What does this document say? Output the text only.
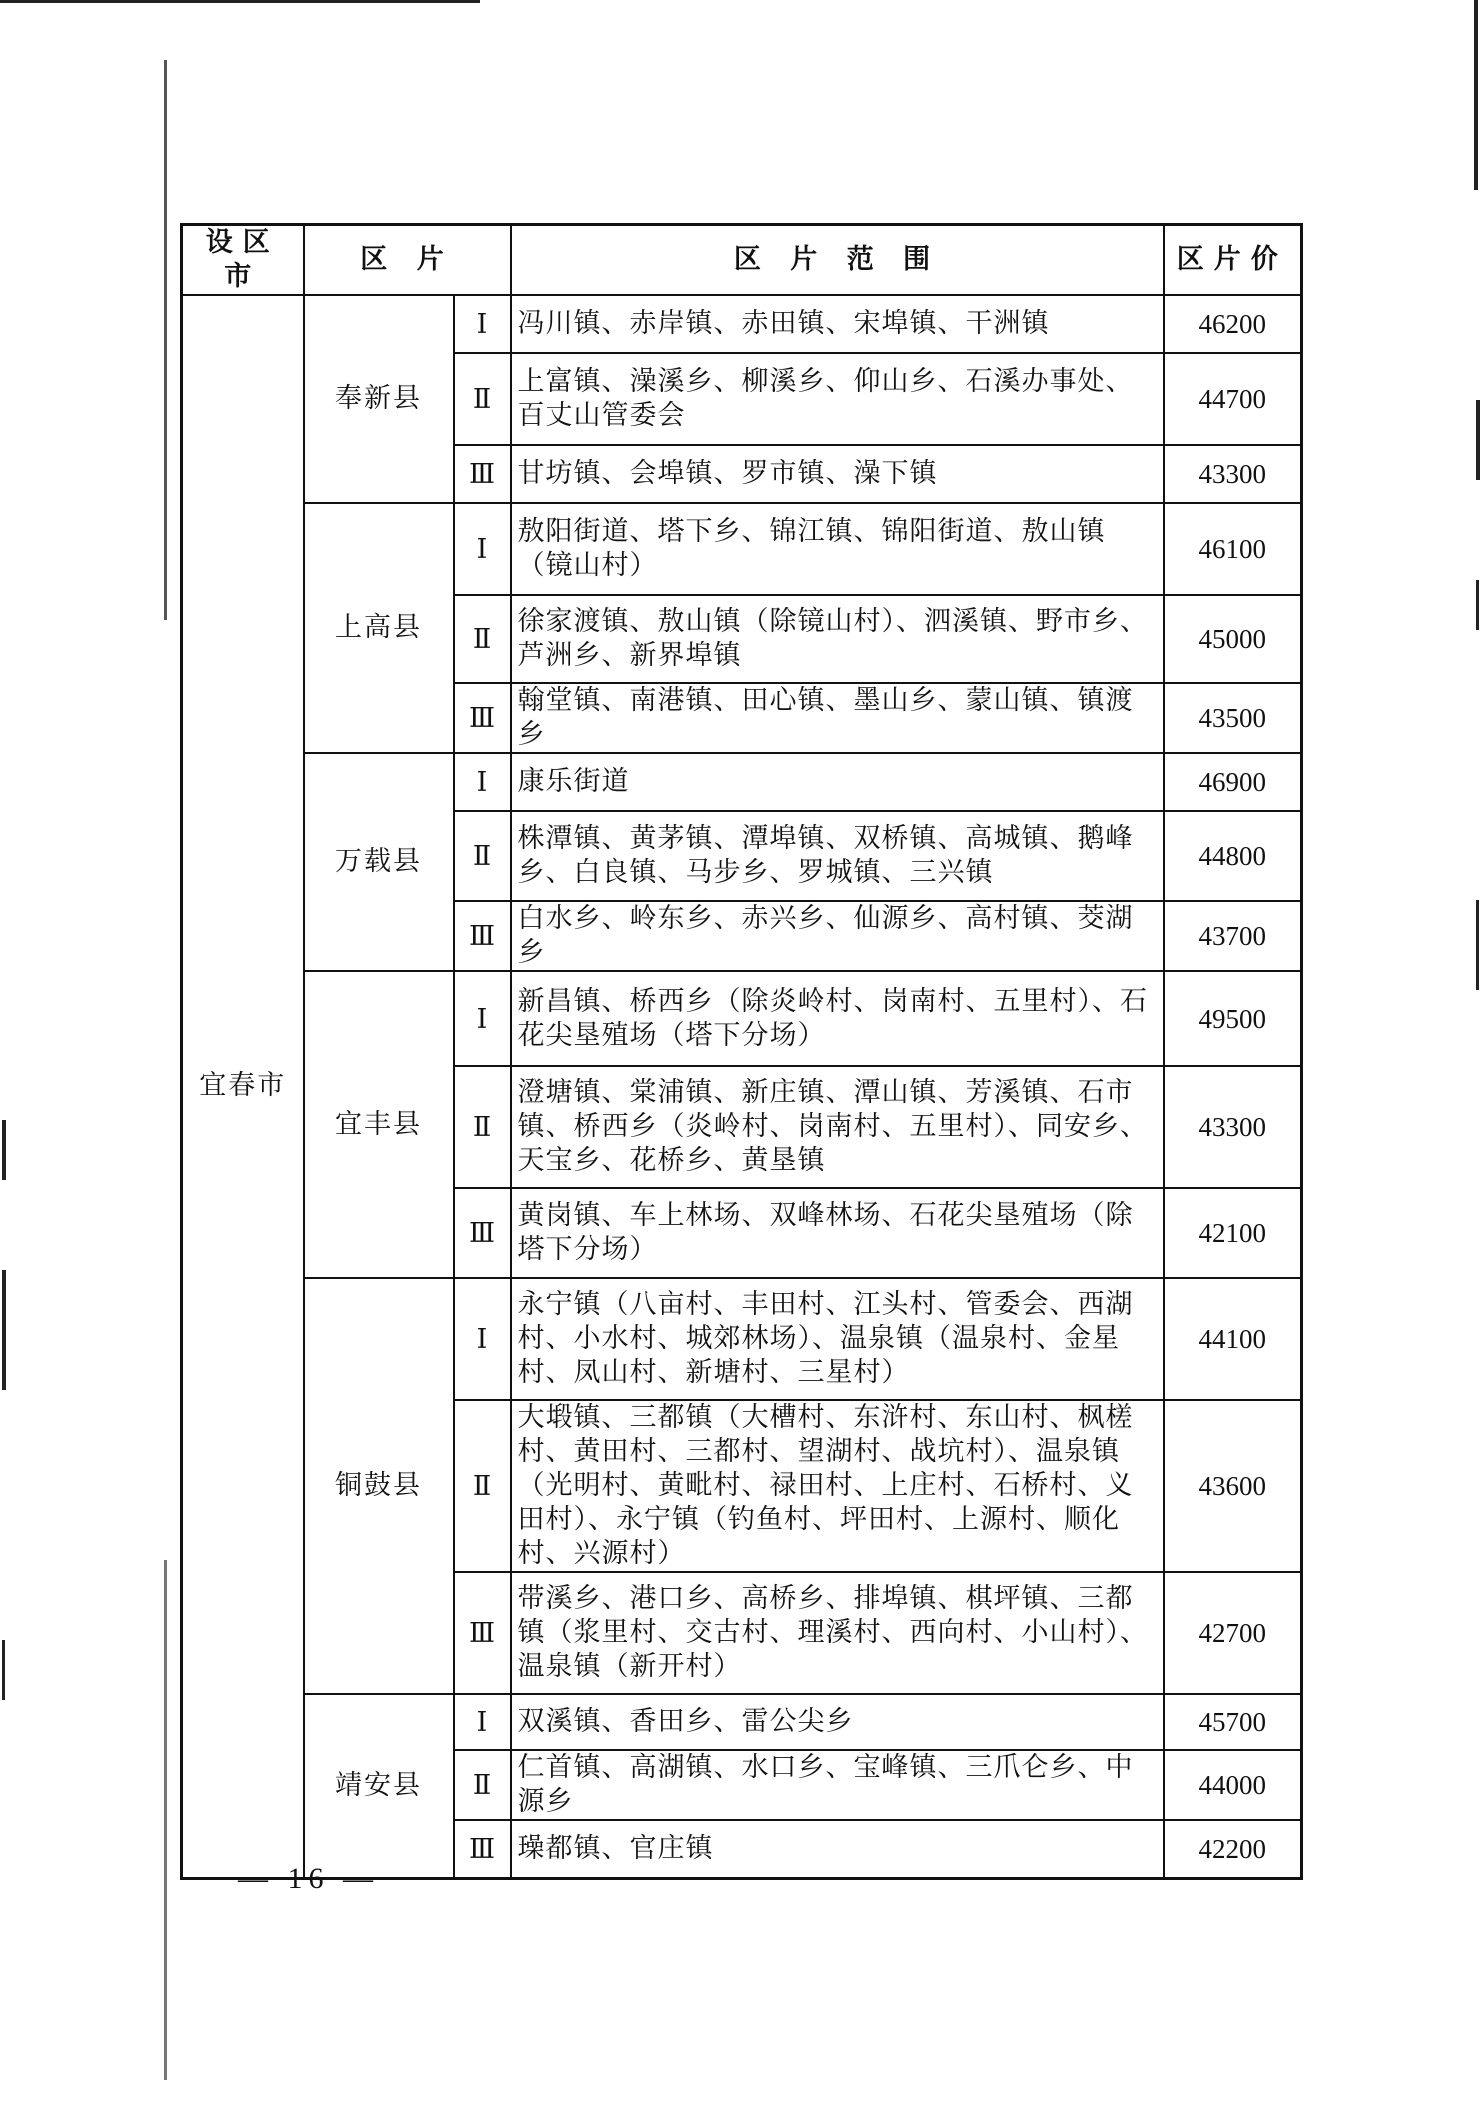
设区市	区 片		区 片 范 围	区片价
宜春市	奉新县	Ⅰ	冯川镇、赤岸镇、赤田镇、宋埠镇、干洲镇	46200
		Ⅱ	上富镇、澡溪乡、柳溪乡、仰山乡、石溪办事处、百丈山管委会	44700
		Ⅲ	甘坊镇、会埠镇、罗市镇、澡下镇	43300
	上高县	Ⅰ	敖阳街道、塔下乡、锦江镇、锦阳街道、敖山镇（镜山村）	46100
		Ⅱ	徐家渡镇、敖山镇（除镜山村）、泗溪镇、野市乡、芦洲乡、新界埠镇	45000
		Ⅲ	翰堂镇、南港镇、田心镇、墨山乡、蒙山镇、镇渡乡	43500
	万载县	Ⅰ	康乐街道	46900
		Ⅱ	株潭镇、黄茅镇、潭埠镇、双桥镇、高城镇、鹅峰乡、白良镇、马步乡、罗城镇、三兴镇	44800
		Ⅲ	白水乡、岭东乡、赤兴乡、仙源乡、高村镇、茭湖乡	43700
	宜丰县	Ⅰ	新昌镇、桥西乡（除炎岭村、岗南村、五里村）、石花尖垦殖场（塔下分场）	49500
		Ⅱ	澄塘镇、棠浦镇、新庄镇、潭山镇、芳溪镇、石市镇、桥西乡（炎岭村、岗南村、五里村）、同安乡、天宝乡、花桥乡、黄垦镇	43300
		Ⅲ	黄岗镇、车上林场、双峰林场、石花尖垦殖场（除塔下分场）	42100
	铜鼓县	Ⅰ	永宁镇（八亩村、丰田村、江头村、管委会、西湖村、小水村、城郊林场）、温泉镇（温泉村、金星村、凤山村、新塘村、三星村）	44100
		Ⅱ	大塅镇、三都镇（大槽村、东浒村、东山村、枫槎村、黄田村、三都村、望湖村、战坑村）、温泉镇（光明村、黄毗村、禄田村、上庄村、石桥村、义田村）、永宁镇（钓鱼村、坪田村、上源村、顺化村、兴源村）	43600
		Ⅲ	带溪乡、港口乡、高桥乡、排埠镇、棋坪镇、三都镇（浆里村、交古村、理溪村、西向村、小山村）、温泉镇（新开村）	42700
	靖安县	Ⅰ	双溪镇、香田乡、雷公尖乡	45700
		Ⅱ	仁首镇、高湖镇、水口乡、宝峰镇、三爪仑乡、中源乡	44000
		Ⅲ	璪都镇、官庄镇	42200
— 16 —
